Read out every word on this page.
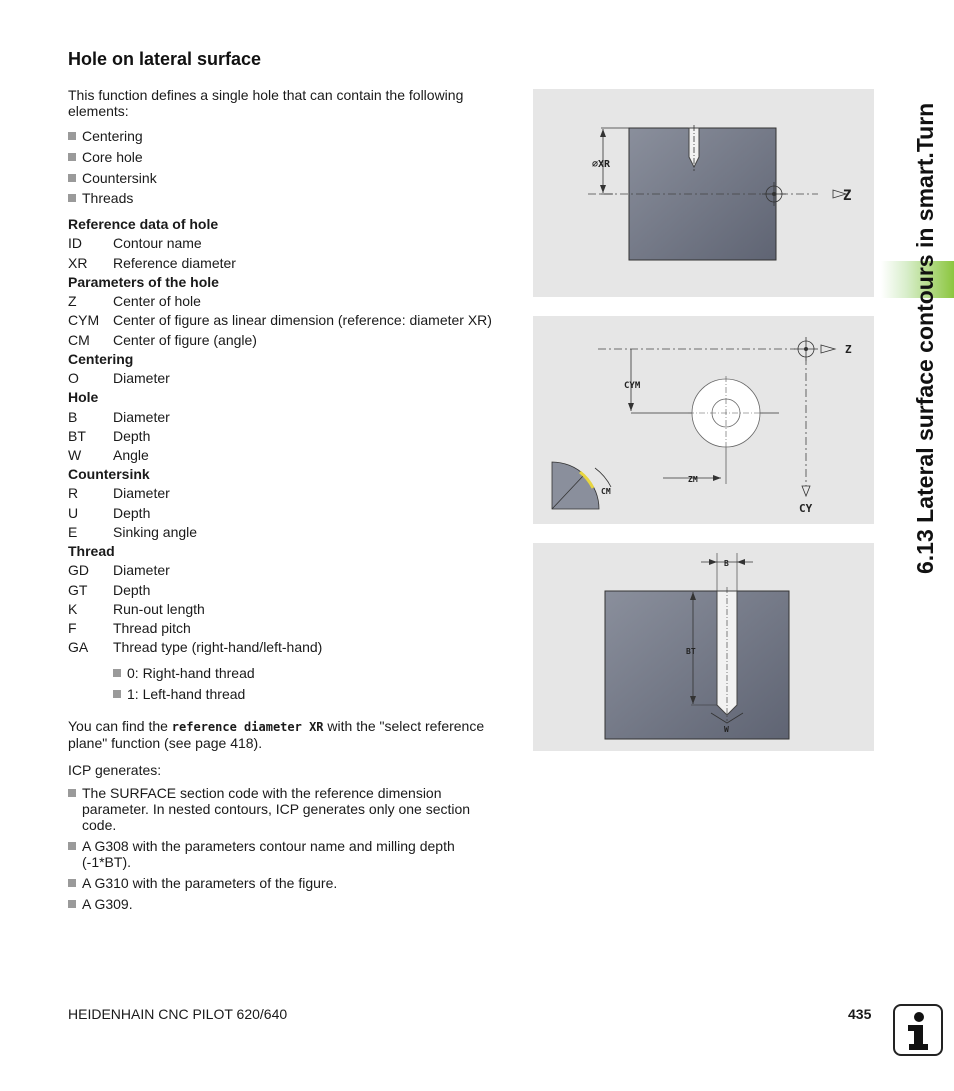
Hole on lateral surface
This function defines a single hole that can contain the following elements:
Centering
Core hole
Countersink
Threads
Reference data of hole
ID Contour name
XR Reference diameter
Parameters of the hole
Z	Center of hole
CYM Center of figure as linear dimension (reference: diameter XR)
CM Center of figure (angle)
Centering
O Diameter
Hole
B	Diameter
BT Depth
W Angle
Countersink
R Diameter
U Depth
E	Sinking angle
Thread
GD Diameter
GT Depth
K	Run-out length
F	Thread pitch
GA Thread type (right-hand/left-hand)
0: Right-hand thread
1: Left-hand thread
You can find the reference diameter XR with the "select reference plane" function (see page 418).
ICP generates:
The SURFACE section code with the reference dimension parameter. In nested contours, ICP generates only one section code.
A G308 with the parameters contour name and milling depth (-1*BT).
A G310 with the parameters of the figure.
A G309.
⌀XR
Z
Z
CY
CYM
ZM
CM
B
BT
W
6.13 Lateral surface contours in smart.Turn
HEIDENHAIN CNC PILOT 620/640	435
